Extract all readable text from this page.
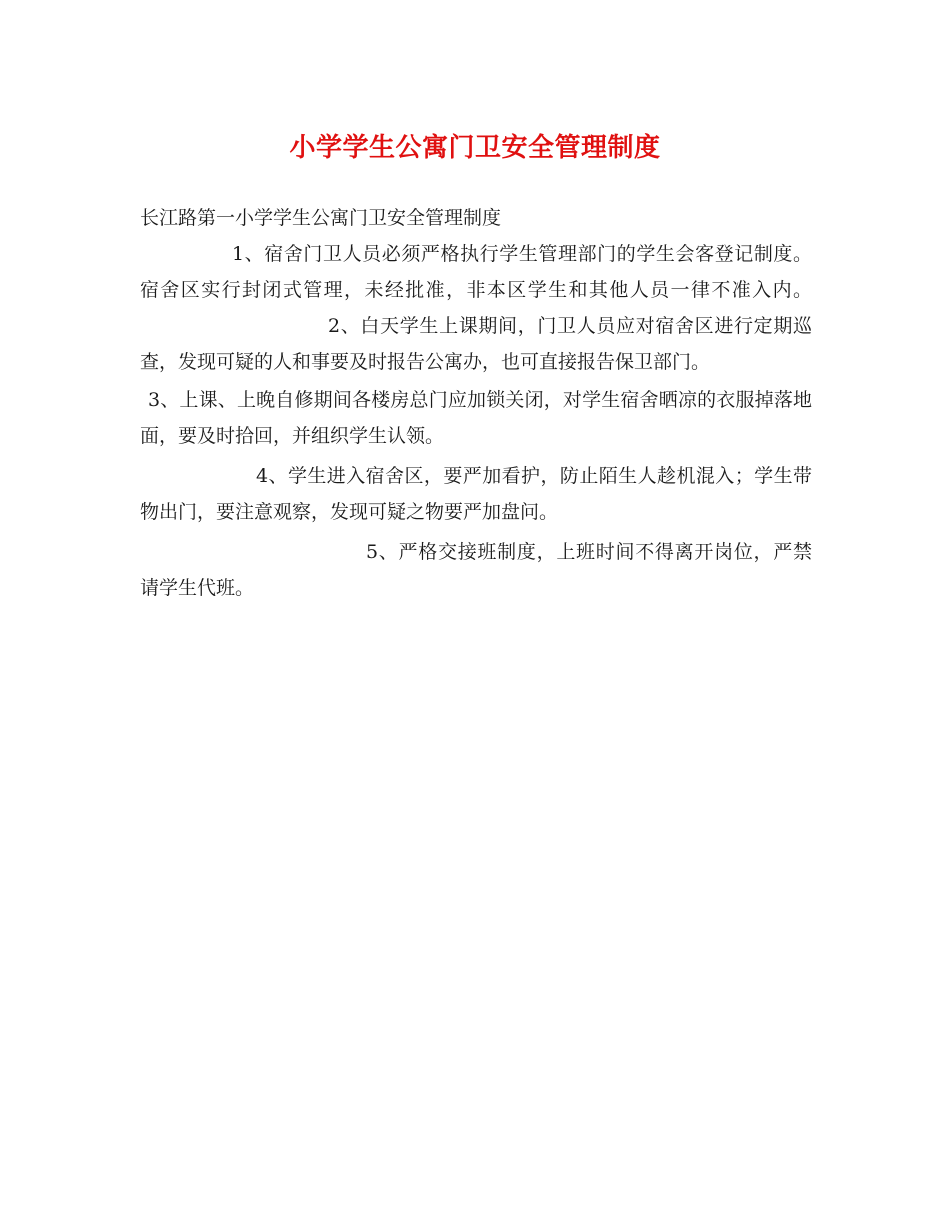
小学学生公寓门卫安全管理制度

长江路第一小学学生公寓门卫安全管理制度

1、宿舍门卫人员必须严格执行学生管理部门的学生会客登记制度。宿舍区实行封闭式管理，未经批准，非本区学生和其他人员一律不准入内。2、白天学生上课期间，门卫人员应对宿舍区进行定期巡查，发现可疑的人和事要及时报告公寓办，也可直接报告保卫部门。

3、上课、上晚自修期间各楼房总门应加锁关闭，对学生宿舍晒凉的衣服掉落地面，要及时拾回，并组织学生认领。

4、学生进入宿舍区，要严加看护，防止陌生人趁机混入；学生带物出门，要注意观察，发现可疑之物要严加盘问。

5、严格交接班制度，上班时间不得离开岗位，严禁请学生代班。
